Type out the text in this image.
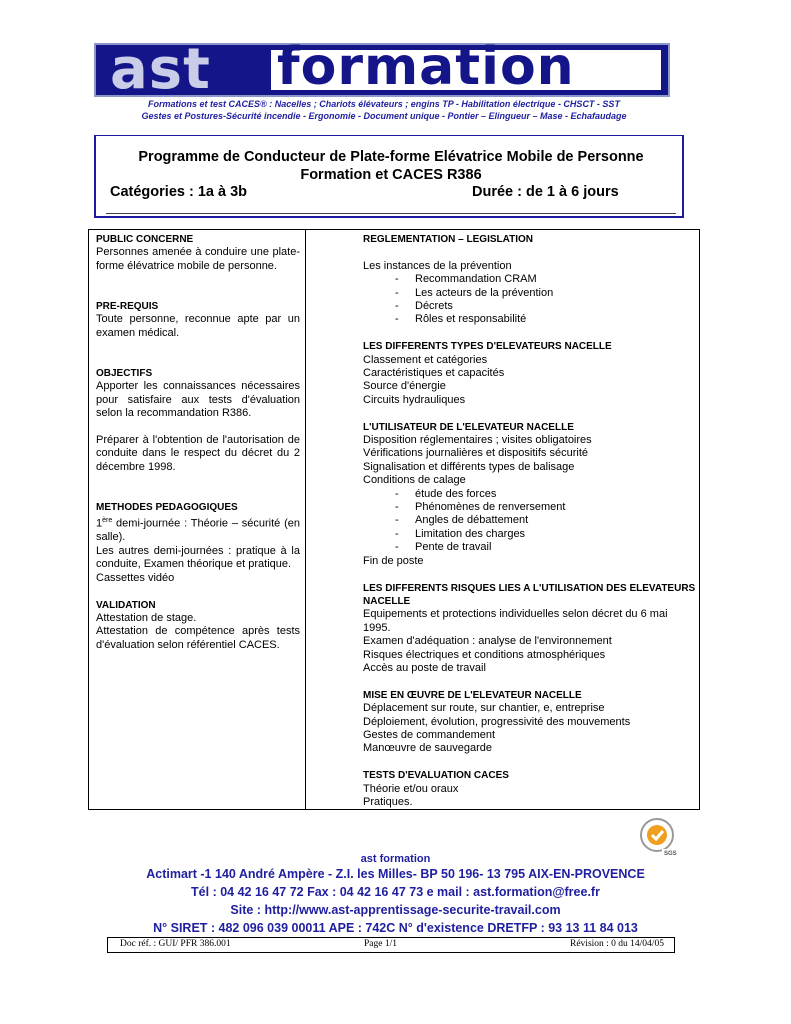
ast formation
Formations et test CACES® : Nacelles ; Chariots élévateurs ; engins TP - Habilitation électrique - CHSCT - SST
Gestes et Postures-Sécurité incendie - Ergonomie - Document unique - Pontier – Elingueur – Mase - Echafaudage
Programme de Conducteur de Plate-forme Elévatrice Mobile de Personne
Formation et CACES R386
Catégories : 1a à 3b	Durée : de 1 à 6 jours
PUBLIC CONCERNE
Personnes amenée à conduire une plate-forme élévatrice mobile de personne.
PRE-REQUIS
Toute personne, reconnue apte par un examen médical.
OBJECTIFS
Apporter les connaissances nécessaires pour satisfaire aux tests d'évaluation selon la recommandation R386.
Préparer à l'obtention de l'autorisation de conduite dans le respect du décret du 2 décembre 1998.
METHODES PEDAGOGIQUES
1ère demi-journée : Théorie – sécurité (en salle).
Les autres demi-journées : pratique à la conduite, Examen théorique et pratique.
Cassettes vidéo
VALIDATION
Attestation de stage.
Attestation de compétence après tests d'évaluation selon référentiel CACES.
REGLEMENTATION – LEGISLATION
Les instances de la prévention
- Recommandation CRAM
- Les acteurs de la prévention
- Décrets
- Rôles et responsabilité
LES DIFFERENTS TYPES D'ELEVATEURS NACELLE
Classement et catégories
Caractéristiques et capacités
Source d'énergie
Circuits hydrauliques
L'UTILISATEUR DE L'ELEVATEUR NACELLE
Disposition réglementaires ; visites obligatoires
Vérifications journalières et dispositifs sécurité
Signalisation et différents types de balisage
Conditions de calage
- étude des forces
- Phénomènes de renversement
- Angles de débattement
- Limitation des charges
- Pente de travail
Fin de poste
LES DIFFERENTS RISQUES LIES A L'UTILISATION DES ELEVATEURS
NACELLE
Equipements et protections individuelles selon décret du 6 mai
1995.
Examen d'adéquation : analyse de l'environnement
Risques électriques et conditions atmosphériques
Accès au poste de travail
MISE EN ŒUVRE DE L'ELEVATEUR NACELLE
Déplacement sur route, sur chantier, e, entreprise
Déploiement, évolution, progressivité des mouvements
Gestes de commandement
Manœuvre de sauvegarde
TESTS D'EVALUATION CACES
Théorie et/ou oraux
Pratiques.
SGS
ast formation
Actimart -1 140 André Ampère - Z.I. les Milles- BP 50 196- 13 795 AIX-EN-PROVENCE
Tél : 04 42 16 47 72 Fax : 04 42 16 47 73 e mail : ast.formation@free.fr
Site : http://www.ast-apprentissage-securite-travail.com
N° SIRET : 482 096 039 00011 APE : 742C N° d'existence DRETFP : 93 13 11 84 013
Doc réf. : GUI/ PFR 386.001	Page 1/1	Révision : 0 du 14/04/05
